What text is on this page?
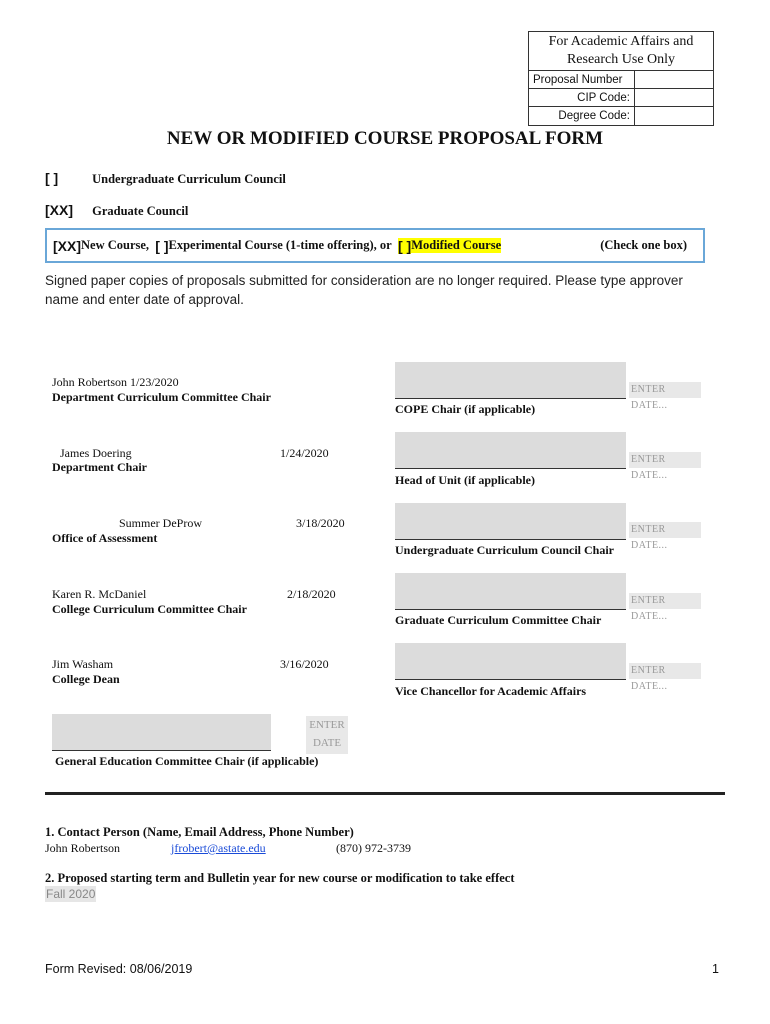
For Academic Affairs and Research Use Only
Proposal Number
CIP Code:
Degree Code:
NEW OR MODIFIED COURSE PROPOSAL FORM
[ ]	Undergraduate Curriculum Council
[XX] Graduate Council
[XX] New Course,
[ ] Experimental Course (1-time offering),
or
[ ] Modified Course	(Check one box)
Signed paper copies of proposals submitted for consideration are no longer required. Please type approver name and enter date of approval.
John Robertson 1/23/2020
Department Curriculum Committee Chair
James Doering	1/24/2020
Department Chair
Summer DeProw	3/18/2020
Office of Assessment
Karen R. McDaniel	2/18/2020
College Curriculum Committee Chair
Jim Washam	3/16/2020
College Dean
ENTER DATE...
COPE Chair (if applicable)
ENTER DATE...
Head of Unit (if applicable)
ENTER DATE...
Undergraduate Curriculum Council Chair
ENTER DATE...
Graduate Curriculum Committee Chair
ENTER DATE...
Vice Chancellor for Academic Affairs
ENTER
DATE
General Education Committee Chair (if applicable)
1. Contact Person (Name, Email Address, Phone Number)
John Robertson	jfrobert@astate.edu	(870) 972-3739
2. Proposed starting term and Bulletin year for new course or modification to take effect
Fall 2020
Form Revised: 08/06/2019	1
